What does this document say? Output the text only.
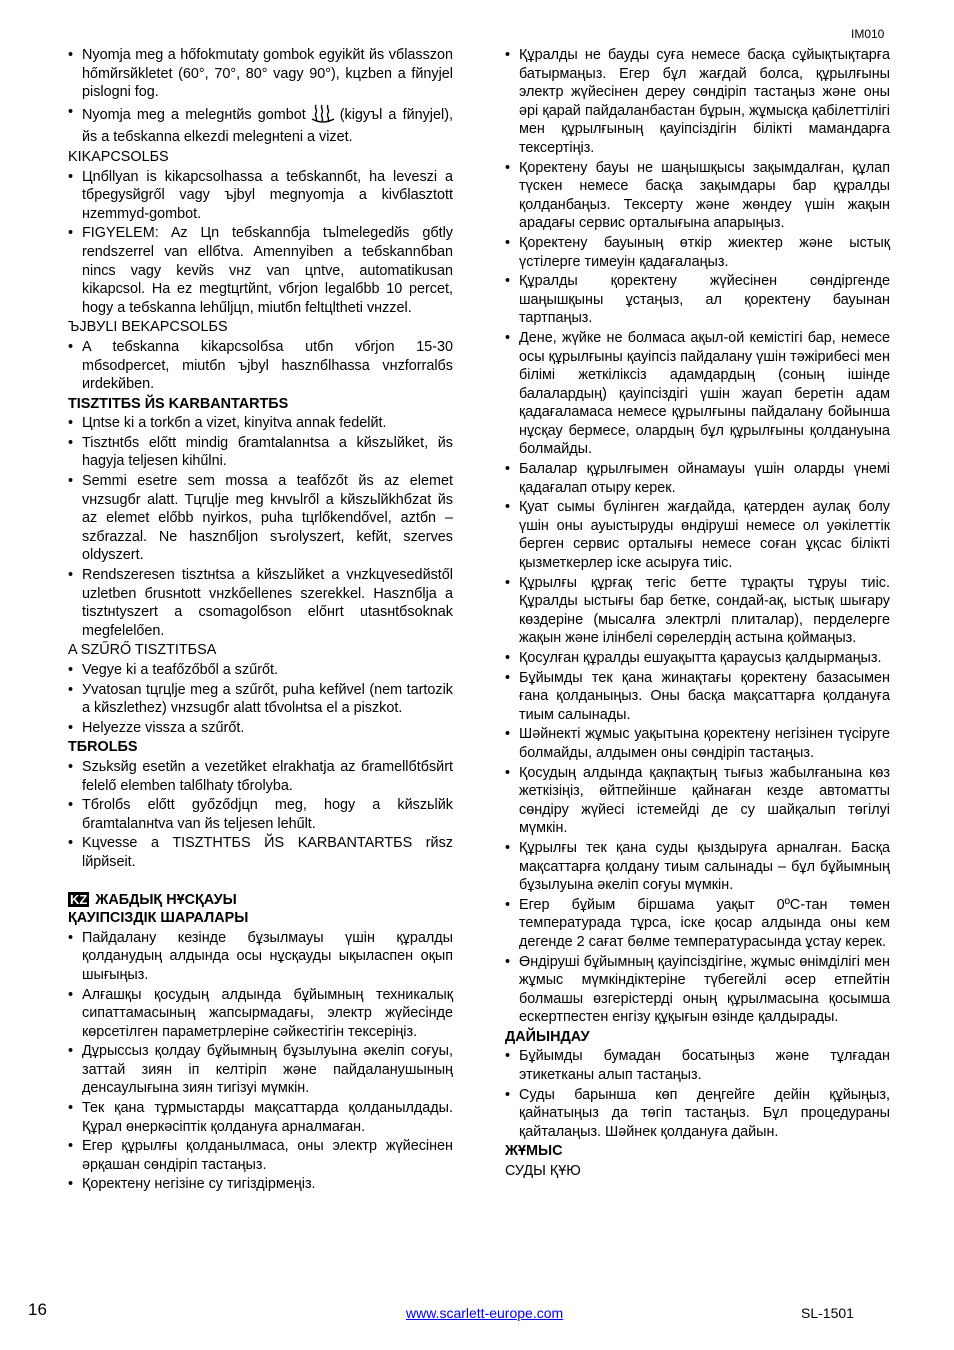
IM010
• Nyomja meg a hőfokmutaty gombok egyikйt йs vбlasszon hőmйrsйkletet (60°, 70°, 80° vagy 90°), kцzben a fйnyjel pislogni fog.
• Nyomja meg a melegнtйs gombot (kigyъl a fйnyjel), йs a teбskanna elkezdi melegнteni a vizet.
KIKAPCSOLБS
• Цnбllyan is kikapcsolhassa a teбskannбt, ha leveszi a tбpegysйgről vagy ъjbуl megnyomja a kivбlasztott нzemmyd-gombot.
• FIGYELEM: Az Цn teбskannбja tъlmelegedйs gбtly rendszerrel van ellбtva. Amennyiben a teбskannбban nincs vagy kevйs vнz van цntve, automatikusan kikapcsol. Ha ez megtцrtйnt, vбrjon legalбbb 10 percet, hogy a teбskanna lehűljцn, miutбn feltцltheti vнzzel.
ЪJBУLI BEKAPCSOLБS
• A teбskanna kikapcsolбsa utбn vбrjon 15-30 mбsodpercet, miutбn ъjbуl hasznбlhassa vнzforralбs иrdekйben.
TISZTITБS ЙS KARBANTARTБS
• Цntse ki a torkбn a vizet, kinyitva annak fedelйt.
• Tisztнtбs előtt mindig бramtalanнtsa a kйszьlйket, йs hagyja teljesen kihűlni.
• Semmi esetre sem mossa a teafőzőt йs az elemet vнzsugбr alatt. Tцrцlje meg kнvьlről a kйszьlйkhбzat йs az elemet előbb nyirkos, puha tцrlőkendővel, aztбn – szбrazzal. Ne hasznбljon sъrolyszert, kefйt, szerves oldyszert.
• Rendszeresen tisztнtsa a kйszьlйket a vнzkцvesedйstől uzletben бrusнtott vнzkőellenes szerekkel. Hasznбlja a tisztнtуszert a csomagolбson előнrt utasнtбsoknak megfelelően.
A SZŰRŐ TISZTITБSA
• Vegye ki a teafőzőből a szűrőt.
• Уvatosan tцrцlje meg a szűrőt, puha kefйvel (nem tartozik a kйszlethez) vнzsugбr alatt tбvolнtsa el a piszkot.
• Helyezze vissza a szűrőt.
TБROLБS
• Szьksйg esetйn a vezetйket elrakhatja az бramellбtбsйrt felelő elemben talбlhaty tбrolyba.
• Tбrolбs előtt győződjцn meg, hogy a kйszьlйk бramtalanнtva van йs teljesen lehűlt.
• Kцvesse a TISZTНTБS ЙS KARBANTARTБS rйsz lйрйseit.
KZ ЖАБДЫҚ НҰСҚАУЫ
ҚАУІПСІЗДІК ШАРАЛАРЫ
• Пайдалану кезінде бұзылмауы үшін құралды қолданудың алдында осы нұсқауды ықыласпен оқып шығыңыз.
• Алғашқы қосудың алдында бұйымның техникалық сипаттамасының жапсырмадағы, электр жүйесінде көрсетілген параметрлеріне сәйкестігін тексеріңіз.
• Дұрыссыз қолдау бұйымның бұзылуына әкеліп соғуы, заттай зиян іп келтіріп және пайдаланушының денсаулығына зиян тигізуі мүмкін.
• Тек қана тұрмыстарды мақсаттарда қолданылдады. Құрал өнеркәсіптік қолдануға арналмаған.
• Егер құрылғы қолданылмаса, оны электр жүйесінен әрқашан сөндіріп тастаңыз.
• Қоректену негізіне су тигіздірмеңіз.
• Құралды не бауды суға немесе басқа сұйықтықтарға батырмаңыз. Егер бұл жағдай болса, құрылғыны электр жүйесінен дереу сөндіріп тастаңыз және оны әрі қарай пайдаланбастан бұрын, жұмысқа қабілеттілігі мен құрылғының қауіпсіздігін білікті мамандарға тексертіңіз.
• Қоректену бауы не шаңышқысы зақымдалған, құлап түскен немесе басқа зақымдары бар құралды қолданбаңыз. Тексерту және жөндеу үшін жақын арадағы сервис орталығына апарыңыз.
• Қоректену бауының өткір жиектер және ыстық үстілерге тимеуін қадағалаңыз.
• Құралды қоректену жүйесінен сөндіргенде шаңышқыны ұстаңыз, ал қоректену бауынан тартпаңыз.
• Дене, жүйке не болмаса ақыл-ой кемістігі бар, немесе осы құрылғыны қауіпсіз пайдалану үшін тәжірибесі мен білімі жеткіліксіз адамдардың (соның ішінде балалардың) қауіпсіздігі үшін жауап беретін адам қадағаламаса немесе құрылғыны пайдалану бойынша нұсқау бермесе, олардың бұл құрылғыны қолдануына болмайды.
• Балалар құрылғымен ойнамауы үшін оларды үнемі қадағалап отыру керек.
• Қуат сымы бүлінген жағдайда, қатерден аулақ болу үшін оны ауыстыруды өндіруші немесе ол уәкілеттік берген сервис орталығы немесе соған ұқсас білікті қызметкерлер іске асыруға тиіс.
• Құрылғы құрғақ тегіс бетте тұрақты тұруы тиіс. Құралды ыстығы бар бетке, сондай-ақ, ыстық шығару көздеріне (мысалға электрлі плиталар), перделерге жақын және ілінбелі сөрелердің астына қоймаңыз.
• Қосулған құралды ешуақытта қараусыз қалдырмаңыз.
• Бұйымды тек қана жинақтағы қоректену базасымен ғана қолданыңыз. Оны басқа мақсаттарға қолдануға тиым салынады.
• Шәйнекті жұмыс уақытына қоректену негізінен түсіруге болмайды, алдымен оны сөндіріп тастаңыз.
• Қосудың алдында қақпақтың тығыз жабылғанына көз жеткізіңіз, өйтпейінше қайнаған кезде автоматты сөндіру жүйесі істемейді де су шайқалып төгілуі мүмкін.
• Құрылғы тек қана суды қыздыруға арналған. Басқа мақсаттарға қолдану тиым салынады – бұл бұйымның бұзылуына әкеліп соғуы мүмкін.
• Егер бұйым біршама уақыт 0ºC-тан төмен температурада тұрса, іске қосар алдында оны кем дегенде 2 сағат бөлме температурасында ұстау керек.
• Өндіруші бұйымның қауіпсіздігіне, жұмыс өнімділігі мен жұмыс мүмкіндіктеріне түбегейлі әсер етпейтін болмашы өзгерістерді оның құрылмасына қосымша ескертпестен енгізу құқығын өзінде қалдырады.
ДАЙЫНДАУ
• Бұйымды бумадан босатыңыз және тұлғадан этикетканы алып тастаңыз.
• Суды барынша көп деңгейге дейін құйыңыз, қайнатыңыз да төгіп тастаңыз. Бұл процедураны қайталаңыз. Шәйнек қолдануға дайын.
ЖҰМЫС
СУДЫ ҚҰЮ
16	www.scarlett-europe.com	SL-1501
